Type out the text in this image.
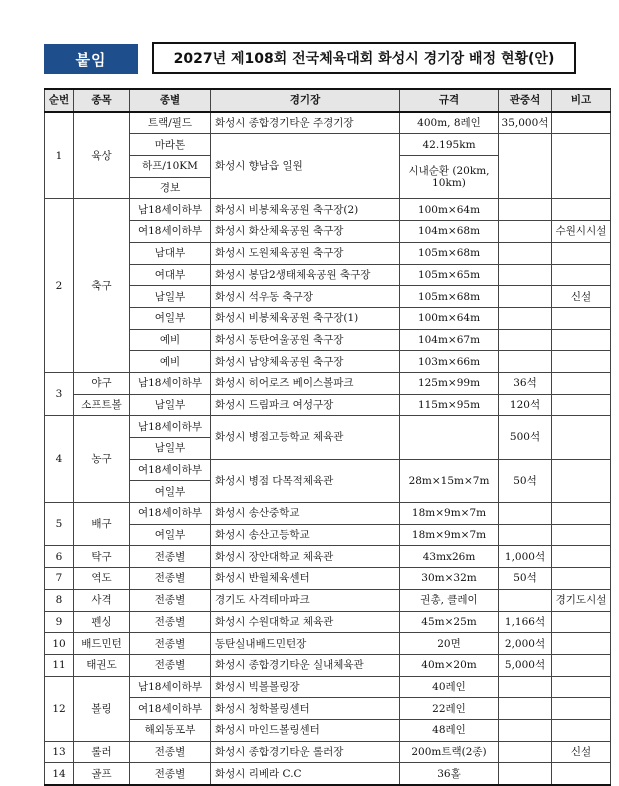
붙임	2027년 제108회 전국체육대회 화성시 경기장 배정 현황(안)
순번	종목	종별	경기장	규격	관중석	비고
1	육상	트랙/필드	화성시 종합경기타운 주경기장	400m, 8레인	35,000석	
		마라톤	화성시 향남읍 일원	42.195km		
		하프/10KM		시내순환 (20km, 10km)		
		경보				
2	축구	남18세이하부	화성시 비봉체육공원 축구장(2)	100m×64m		
		여18세이하부	화성시 화산체육공원 축구장	104m×68m		수원시시설
		남대부	화성시 도원체육공원 축구장	105m×68m		
		여대부	화성시 봉담2생태체육공원 축구장	105m×65m		
		남일부	화성시 석우동 축구장	105m×68m		신설
		여일부	화성시 비봉체육공원 축구장(1)	100m×64m		
		예비	화성시 동탄여울공원 축구장	104m×67m		
		예비	화성시 남양체육공원 축구장	103m×66m		
3	야구	남18세이하부	화성시 히어로즈 베이스볼파크	125m×99m	36석	
	소프트볼	남일부	화성시 드림파크 여성구장	115m×95m	120석	
4	농구	남18세이하부	화성시 병점고등학교 체육관		500석	
		남일부				
		여18세이하부	화성시 병점 다목적체육관	28m×15m×7m	50석	
		여일부				
5	배구	여18세이하부	화성시 송산중학교	18m×9m×7m		
		여일부	화성시 송산고등학교	18m×9m×7m		
6	탁구	전종별	화성시 장안대학교 체육관	43mx26m	1,000석	
7	역도	전종별	화성시 반월체육센터	30m×32m	50석	
8	사격	전종별	경기도 사격테마파크	권총, 클레이		경기도시설
9	펜싱	전종별	화성시 수원대학교 체육관	45m×25m	1,166석	
10	배드민턴	전종별	동탄실내배드민턴장	20면	2,000석	
11	태권도	전종별	화성시 종합경기타운 실내체육관	40m×20m	5,000석	
12	볼링	남18세이하부	화성시 빅볼볼링장	40레인		
		여18세이하부	화성시 청학볼링센터	22레인		
		해외동포부	화성시 마인드볼링센터	48레인		
13	롤러	전종별	화성시 종합경기타운 롤러장	200m트랙(2종)		신설
14	골프	전종별	화성시 리베라 C.C	36홀		
